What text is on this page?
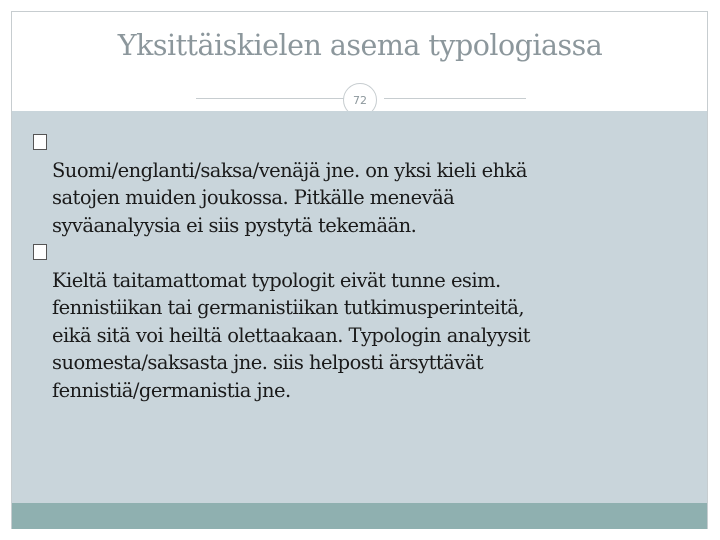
Yksittäiskielen asema typologiassa
72

Suomi/englanti/saksa/venäjä jne. on yksi kieli ehkä
satojen muiden joukossa. Pitkälle menevää
syväanalyysia ei siis pystytä tekemään.

Kieltä taitamattomat typologit eivät tunne esim.
fennistiikan tai germanistiikan tutkimusperinteitä,
eikä sitä voi heiltä olettaakaan. Typologin analyysit
suomesta/saksasta jne. siis helposti ärsyttävät
fennistiä/germanistia jne.
